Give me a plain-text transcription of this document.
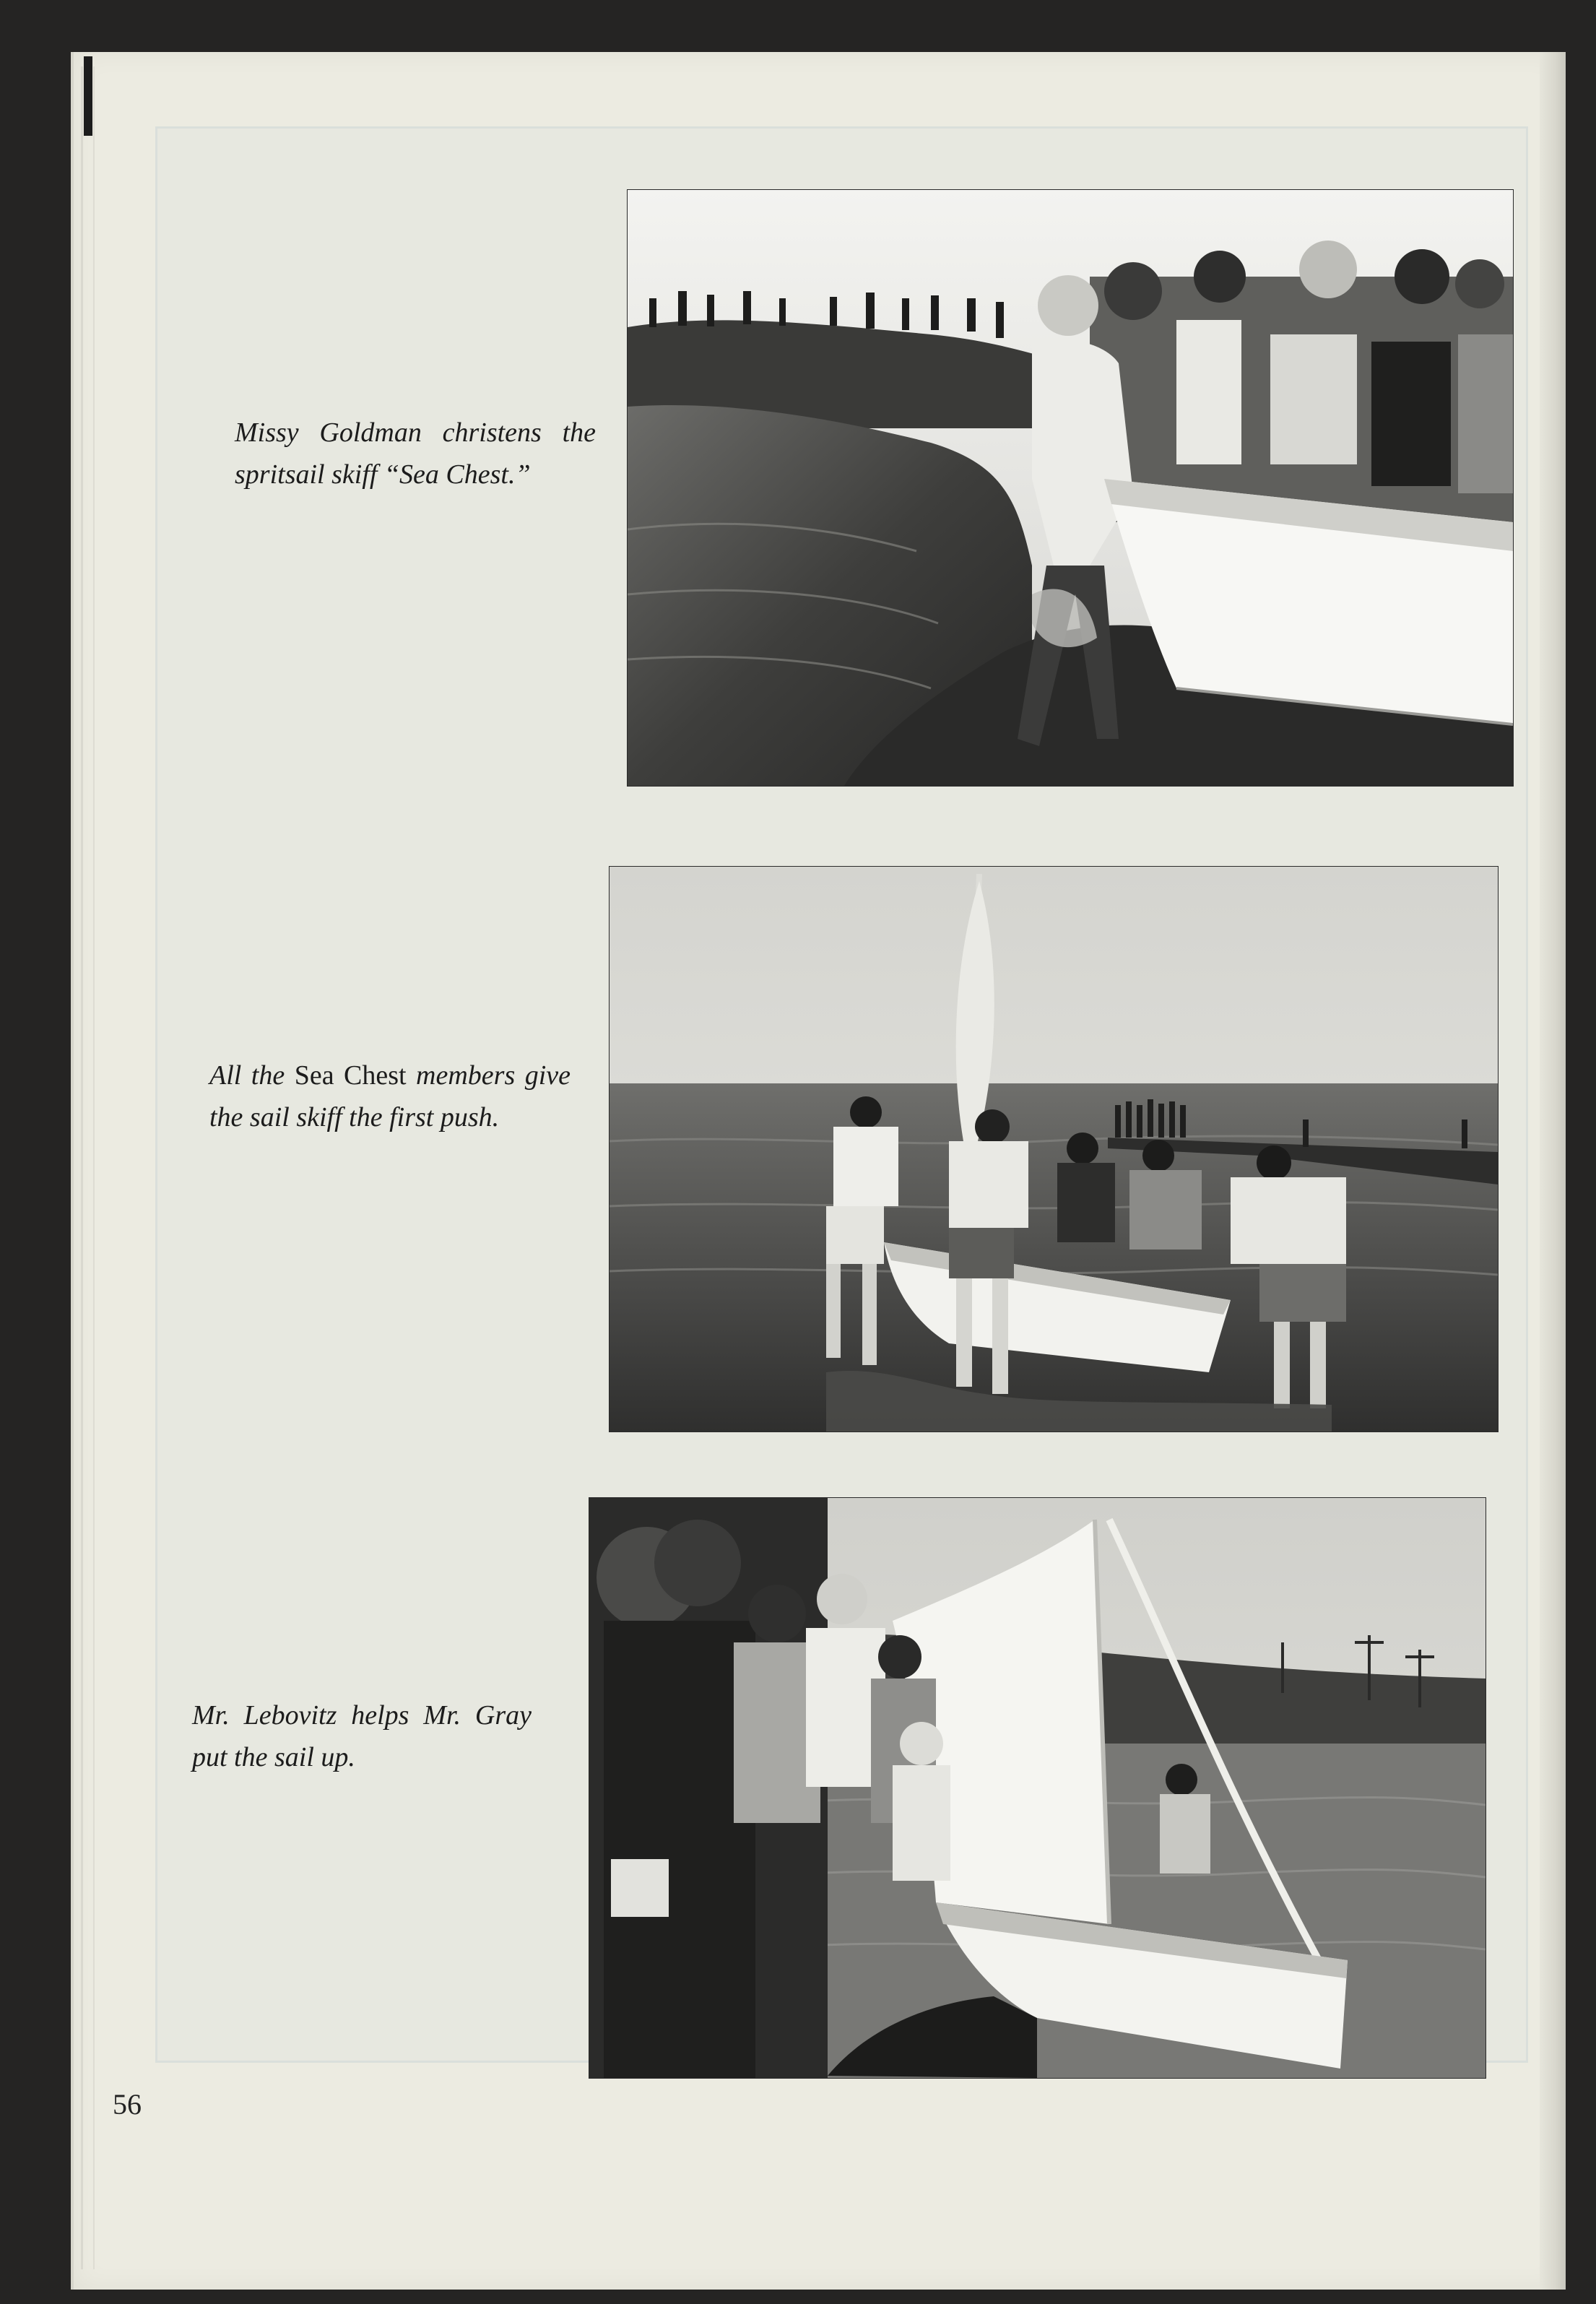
Missy Goldman christens the spritsail skiff “Sea Chest.”
All the Sea Chest members give the sail skiff the first push.
Mr. Lebovitz helps Mr. Gray put the sail up.
56
